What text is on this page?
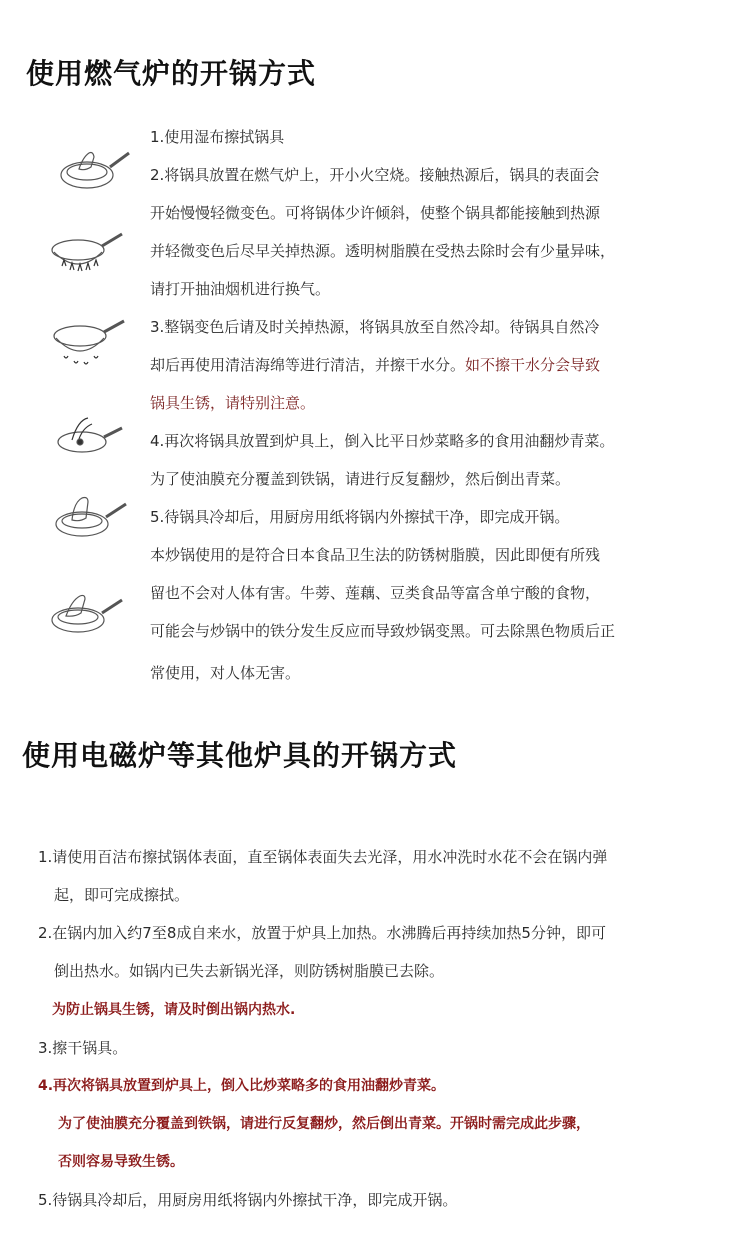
使用燃气炉的开锅方式

1.使用湿布擦拭锅具

2.将锅具放置在燃气炉上，开小火空烧。接触热源后，锅具的表面会

开始慢慢轻微变色。可将锅体少许倾斜，使整个锅具都能接触到热源

并轻微变色后尽早关掉热源。透明树脂膜在受热去除时会有少量异味，

请打开抽油烟机进行换气。

3.整锅变色后请及时关掉热源，将锅具放至自然冷却。待锅具自然冷

却后再使用清洁海绵等进行清洁，并擦干水分。如不擦干水分会导致

锅具生锈，请特别注意。

4.再次将锅具放置到炉具上，倒入比平日炒菜略多的食用油翻炒青菜。

为了使油膜充分覆盖到铁锅，请进行反复翻炒，然后倒出青菜。

5.待锅具冷却后，用厨房用纸将锅内外擦拭干净，即完成开锅。

本炒锅使用的是符合日本食品卫生法的防锈树脂膜，因此即便有所残

留也不会对人体有害。牛蒡、莲藕、豆类食品等富含单宁酸的食物，

可能会与炒锅中的铁分发生反应而导致炒锅变黑。可去除黑色物质后正

常使用，对人体无害。

使用电磁炉等其他炉具的开锅方式

1.请使用百洁布擦拭锅体表面，直至锅体表面失去光泽，用水冲洗时水花不会在锅内弹

起，即可完成擦拭。

2.在锅内加入约7至8成自来水，放置于炉具上加热。水沸腾后再持续加热5分钟，即可

倒出热水。如锅内已失去新锅光泽，则防锈树脂膜已去除。

为防止锅具生锈，请及时倒出锅内热水.

3.擦干锅具。

4.再次将锅具放置到炉具上，倒入比炒菜略多的食用油翻炒青菜。

为了使油膜充分覆盖到铁锅，请进行反复翻炒，然后倒出青菜。开锅时需完成此步骤，

否则容易导致生锈。

5.待锅具冷却后，用厨房用纸将锅内外擦拭干净，即完成开锅。
